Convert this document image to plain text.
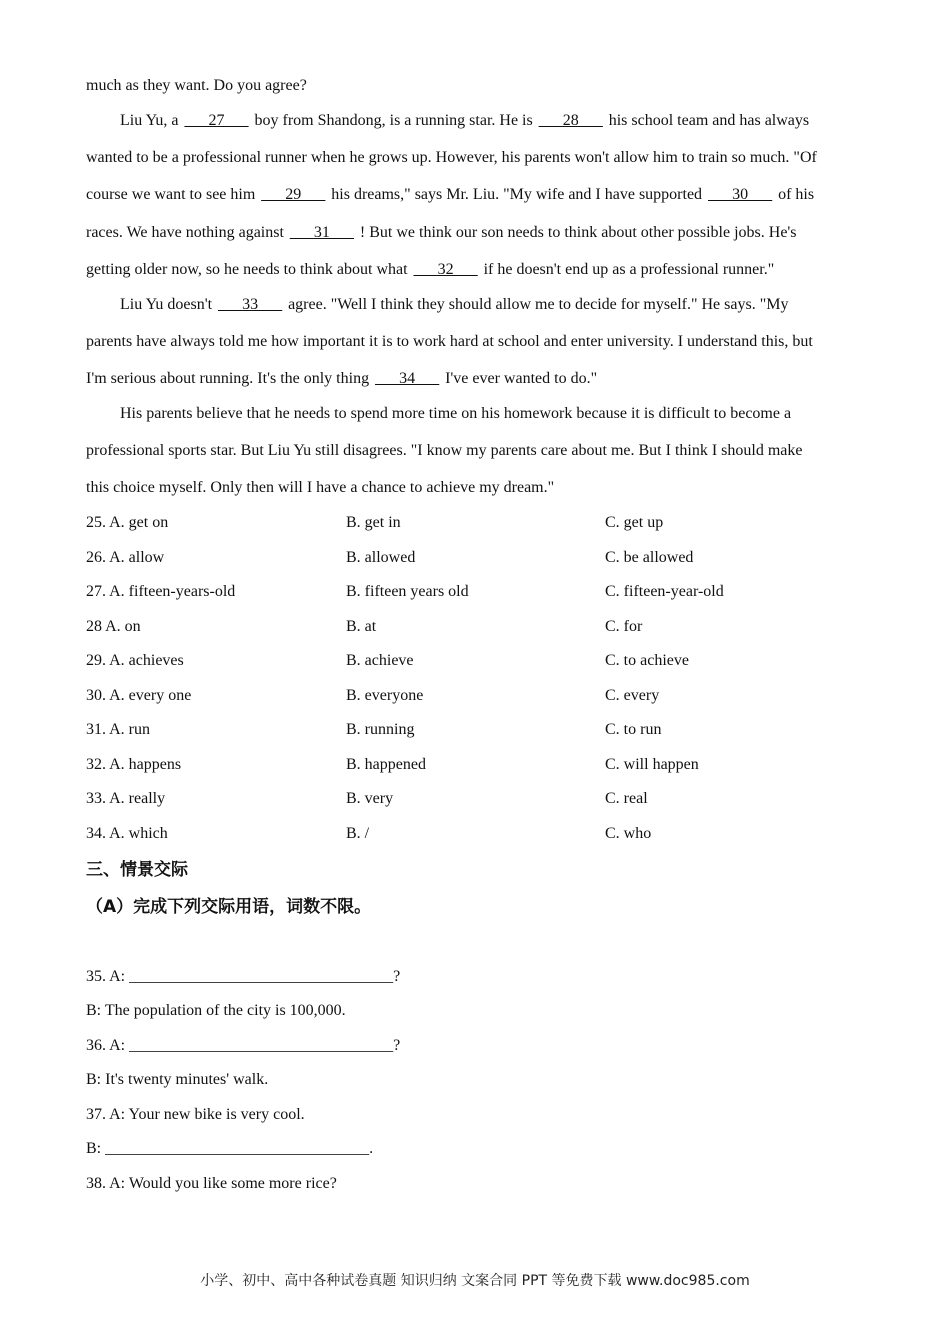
much as they want. Do you agree?
Liu Yu, a ___27___ boy from Shandong, is a running star. He is ___28___ his school team and has always
wanted to be a professional runner when he grows up. However, his parents won't allow him to train so much. "Of
course we want to see him ___29___ his dreams," says Mr. Liu. "My wife and I have supported ___30___ of his
races. We have nothing against ___31___ ! But we think our son needs to think about other possible jobs. He's
getting older now, so he needs to think about what ___32___ if he doesn't end up as a professional runner."
Liu Yu doesn't ___33___ agree. "Well I think they should allow me to decide for myself." He says. "My
parents have always told me how important it is to work hard at school and enter university. I understand this, but
I'm serious about running. It's the only thing ___34___ I've ever wanted to do."
His parents believe that he needs to spend more time on his homework because it is difficult to become a
professional sports star. But Liu Yu still disagrees. "I know my parents care about me. But I think I should make
this choice myself. Only then will I have a chance to achieve my dream."
25. A. get on	B. get in	C. get up
26. A. allow	B. allowed	C. be allowed
27. A. fifteen-years-old	B. fifteen years old	C. fifteen-year-old
28 A. on	B. at	C. for
29. A. achieves	B. achieve	C. to achieve
30. A. every one	B. everyone	C. every
31. A. run	B. running	C. to run
32. A. happens	B. happened	C. will happen
33. A. really	B. very	C. real
34. A. which	B. /	C. who
三、情景交际
（A）完成下列交际用语，词数不限。
35. A: _________________________________?
B: The population of the city is 100,000.
36. A: _________________________________?
B: It's twenty minutes' walk.
37. A: Your new bike is very cool.
B: _________________________________.
38. A: Would you like some more rice?
小学、初中、高中各种试卷真题 知识归纳 文案合同 PPT 等免费下载 www.doc985.com
